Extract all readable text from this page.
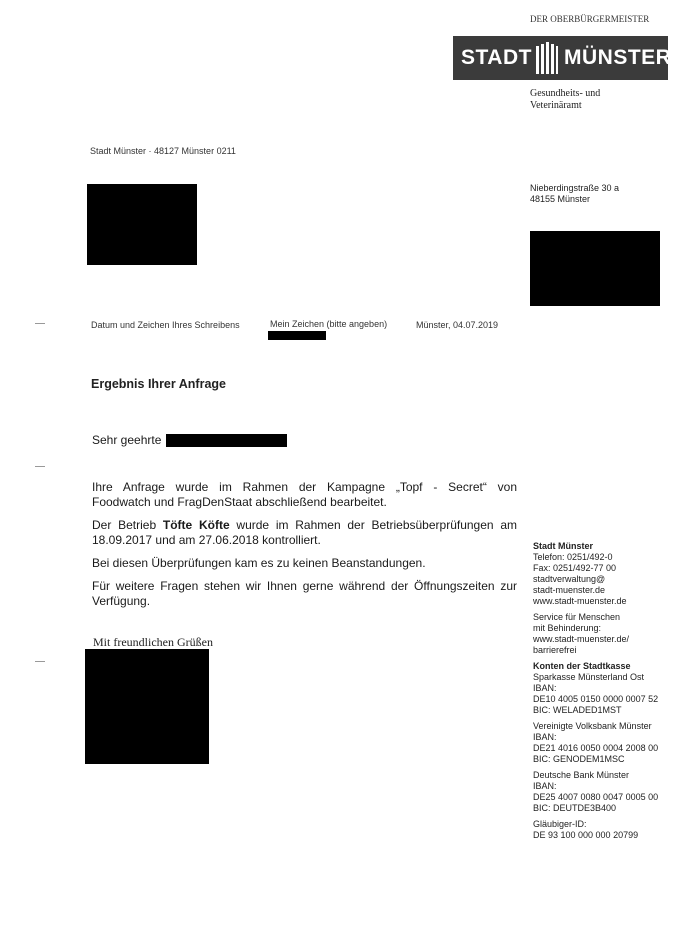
DER OBERBÜRGERMEISTER
STADT MÜNSTER
Gesundheits- und
Veterinäramt
Stadt Münster · 48127 Münster 0211
Nieberdingstraße 30 a
48155 Münster
Datum und Zeichen Ihres Schreibens	Mein Zeichen (bitte angeben)	Münster, 04.07.2019
Ergebnis Ihrer Anfrage
Sehr geehrte
Ihre Anfrage wurde im Rahmen der Kampagne „Topf - Secret“ von
Foodwatch und FragDenStaat abschließend bearbeitet.
Der Betrieb Töfte Köfte wurde im Rahmen der Betriebsüberprüfungen am
18.09.2017 und am 27.06.2018 kontrolliert.
Bei diesen Überprüfungen kam es zu keinen Beanstandungen.
Für weitere Fragen stehen wir Ihnen gerne während der Öffnungszeiten zur
Verfügung.
Mit freundlichen Grüßen
Stadt Münster
Telefon: 0251/492-0
Fax: 0251/492-77 00
stadtverwaltung@
stadt-muenster.de
www.stadt-muenster.de
Service für Menschen
mit Behinderung:
www.stadt-muenster.de/
barrierefrei
Konten der Stadtkasse
Sparkasse Münsterland Ost
IBAN:
DE10 4005 0150 0000 0007 52
BIC: WELADED1MST
Vereinigte Volksbank Münster
IBAN:
DE21 4016 0050 0004 2008 00
BIC: GENODEM1MSC
Deutsche Bank Münster
IBAN:
DE25 4007 0080 0047 0005 00
BIC: DEUTDE3B400
Gläubiger-ID:
DE 93 100 000 000 20799
